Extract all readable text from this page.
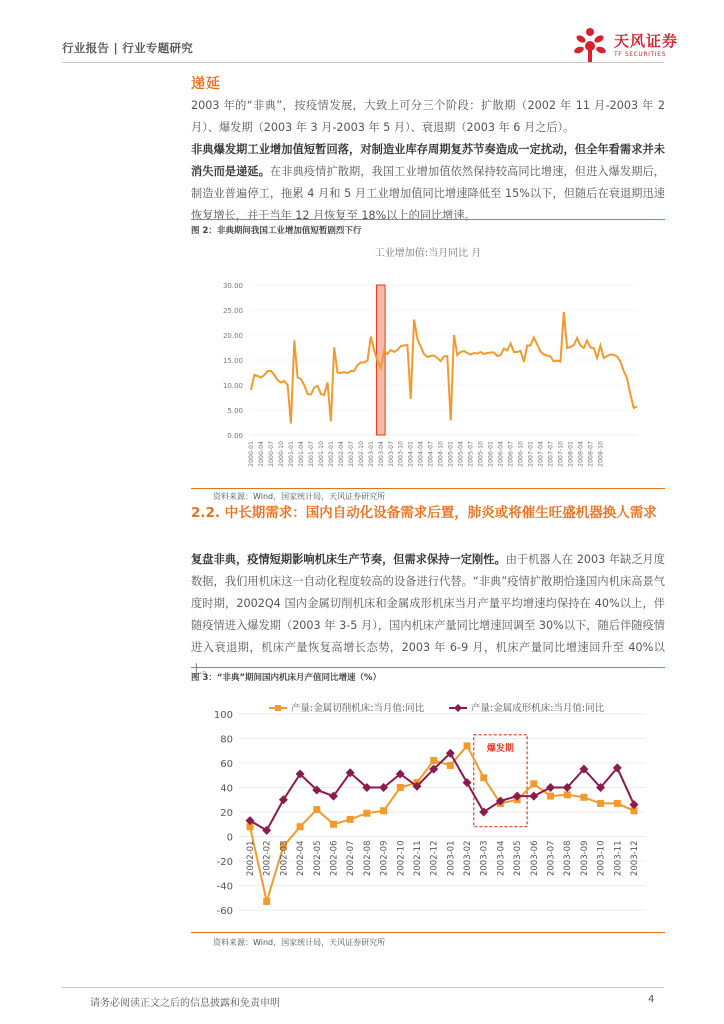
行业报告 | 行业专题研究	天风证券
TF SECURITIES
递延
2003 年的“非典”，按疫情发展，大致上可分三个阶段：扩散期（2002 年 11 月-2003 年 2 月）、爆发期（2003 年 3 月-2003 年 5 月）、衰退期（2003 年 6 月之后）。
非典爆发期工业增加值短暂回落，对制造业库存周期复苏节奏造成一定扰动，但全年看需求并未消失而是递延。在非典疫情扩散期，我国工业增加值依然保持较高同比增速，但进入爆发期后，制造业普遍停工，拖累 4 月和 5 月工业增加值同比增速降低至 15%以下，但随后在衰退期迅速恢复增长，并于当年 12 月恢复至 18%以上的同比增速。
图 2：非典期间我国工业增加值短暂剧烈下行
工业增加值:当月同比 月
0.00
5.00
10.00
15.00
20.00
25.00
30.00
2000-01 2000-04 2000-07 2000-10 2001-01 2001-04 2001-07 2001-10 2002-01 2002-04 2002-07 2002-10 2003-01 2003-04 2003-07 2003-10 2004-01 2004-04 2004-07 2004-10 2005-01 2005-04 2005-07 2005-10 2006-01 2006-04 2006-07 2006-10 2007-01 2007-04 2007-07 2007-10 2008-01 2008-04 2008-07 2008-10
资料来源：Wind，国家统计局，天风证券研究所
2.2. 中长期需求：国内自动化设备需求后置，肺炎或将催生旺盛机器换人需求
复盘非典，疫情短期影响机床生产节奏，但需求保持一定刚性。由于机器人在 2003 年缺乏月度数据，我们用机床这一自动化程度较高的设备进行代替。“非典”疫情扩散期恰逢国内机床高景气度时期，2002Q4 国内金属切削机床和金属成形机床当月产量平均增速均保持在 40%以上，伴随疫情进入爆发期（2003 年 3-5 月），国内机床产量同比增速回调至 30%以下，随后伴随疫情进入衰退期，机床产量恢复高增长态势，2003 年 6-9 月，机床产量同比增速回升至 40%以上。
图 3：“非典”期间国内机床月产值同比增速（%）
-60
-40
-20
0
20
40
60
80
100
产量:金属切削机床:当月值:同比	产量:金属成形机床:当月值:同比
爆发期
2002-01 2002-02 2002-03 2002-04 2002-05 2002-06 2002-07 2002-08 2002-09 2002-10 2002-11 2002-12 2003-01 2003-02 2003-03 2003-04 2003-05 2003-06 2003-07 2003-08 2003-09 2003-10 2003-11 2003-12
资料来源：Wind，国家统计局，天风证券研究所
请务必阅读正文之后的信息披露和免责申明	4
